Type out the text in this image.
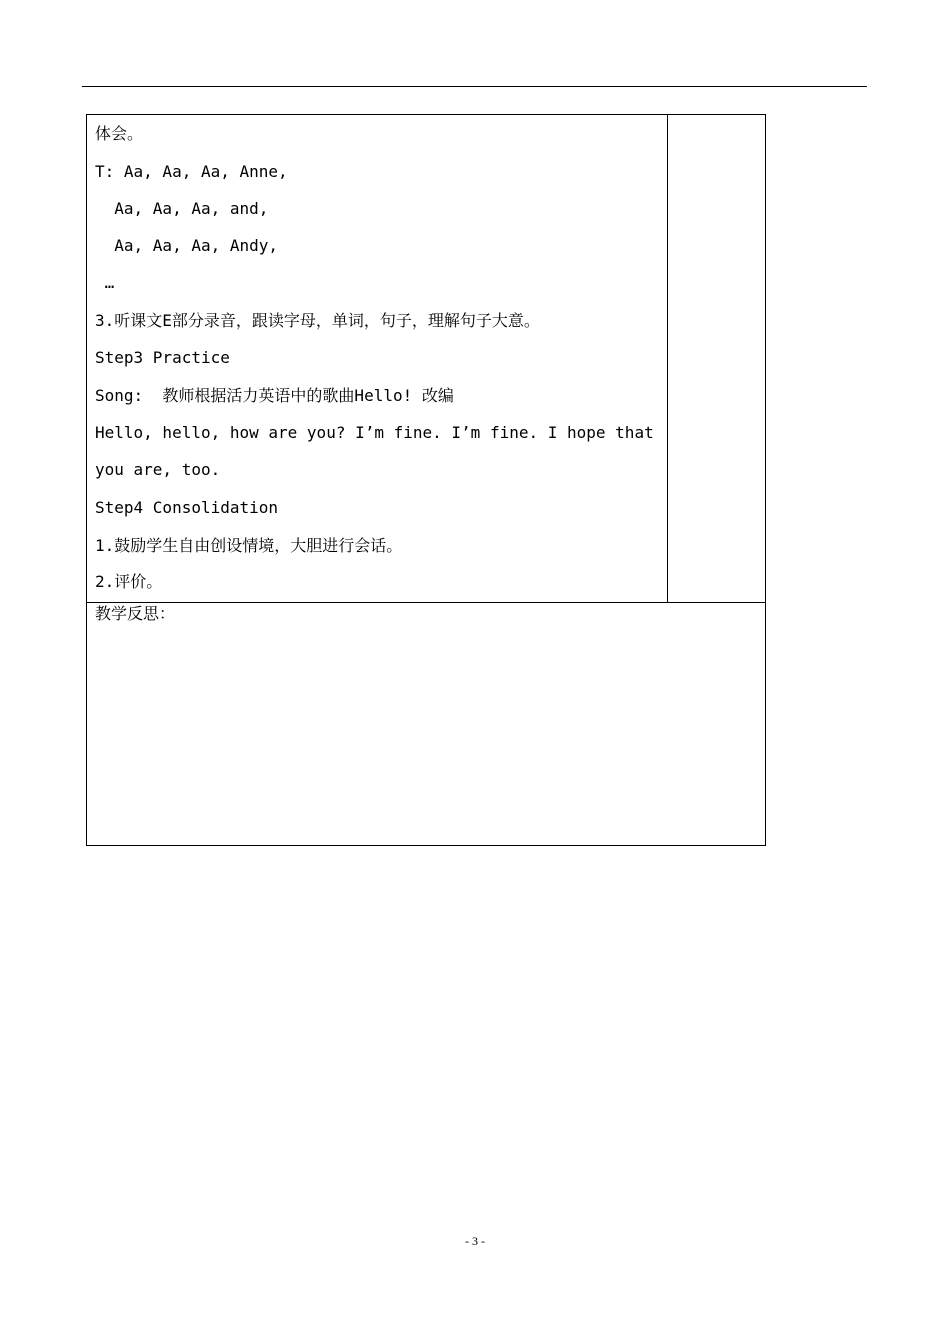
体会。
T: Aa, Aa, Aa, Anne,
Aa, Aa, Aa, and,
Aa, Aa, Aa, Andy,
…
3.听课文E部分录音，跟读字母，单词，句子，理解句子大意。
Step3 Practice
Song:  教师根据活力英语中的歌曲Hello! 改编
Hello, hello, how are you? I’m fine. I’m fine. I hope that
you are, too.
Step4 Consolidation
1.鼓励学生自由创设情境，大胆进行会话。
2.评价。
教学反思：
- 3 -
